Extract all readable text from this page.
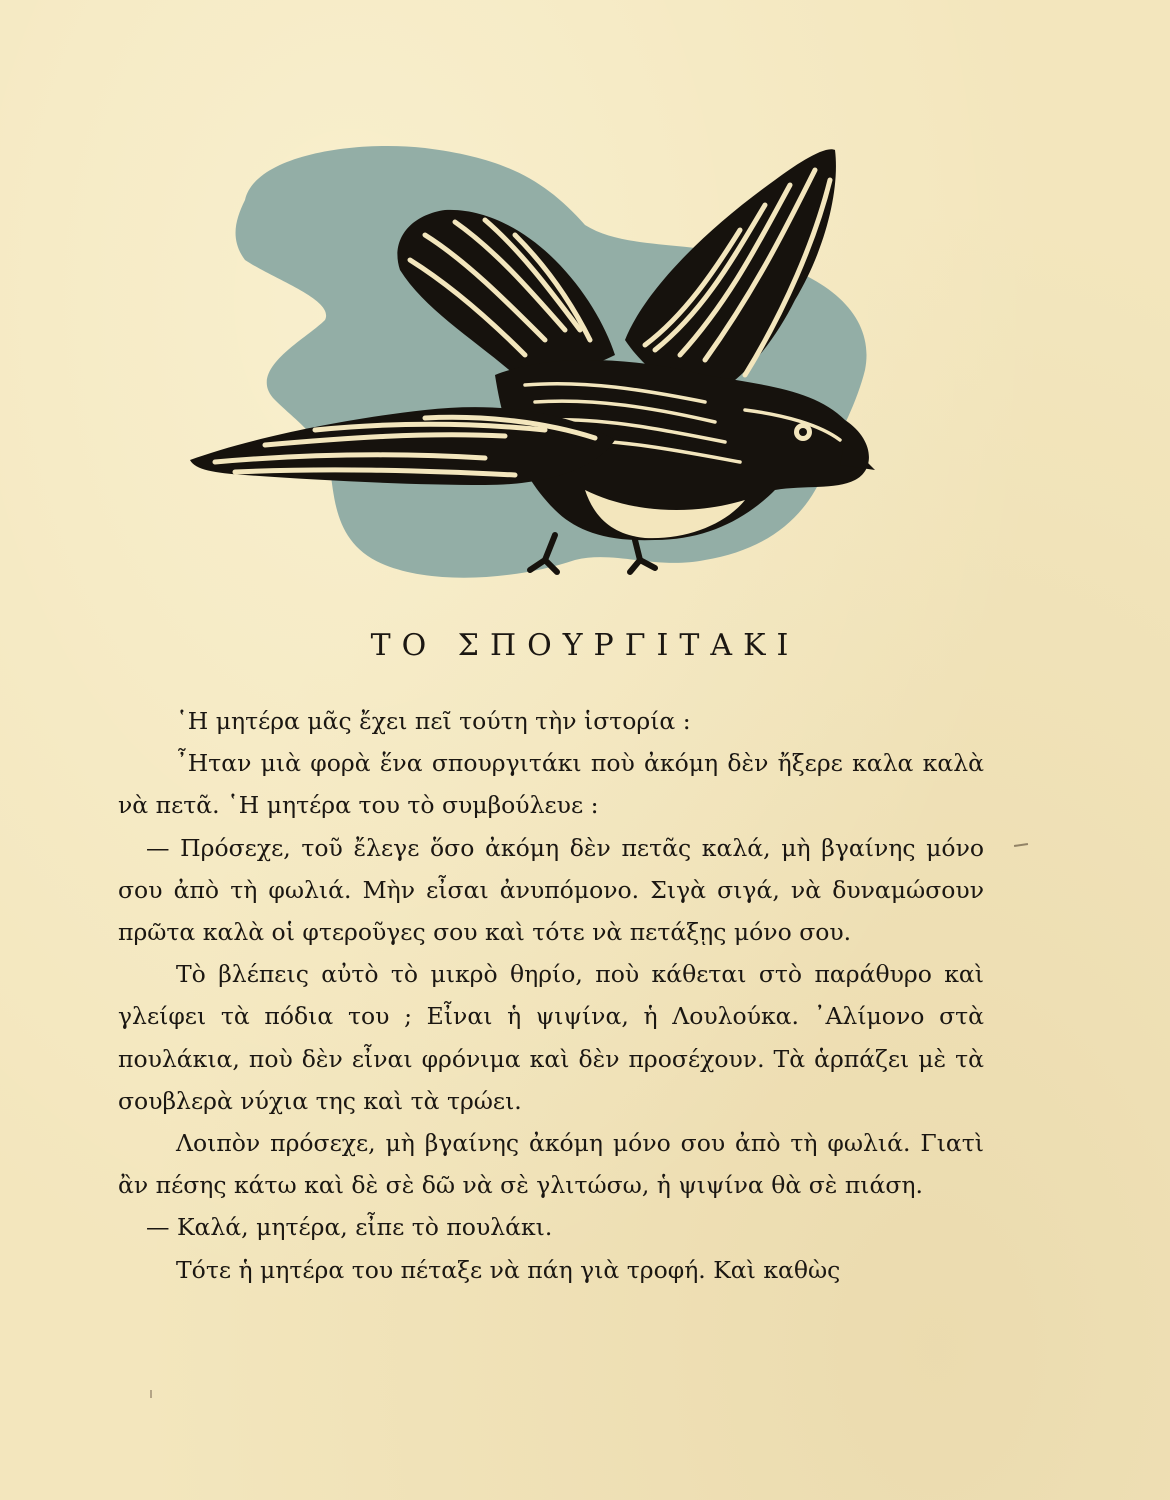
ΤΟ ΣΠΟΥΡΓΙΤΑΚΙ

῾Η μητέρα μᾶς ἔχει πεῖ τούτη τὴν ἱστορία :

῏Ηταν μιὰ φορὰ ἕνα σπουργιτάκι ποὺ ἀκόμη δὲν ἤξερε καλα καλὰ νὰ πετᾶ. ῾Η μητέρα του τὸ συμβούλευε :

— Πρόσεχε, τοῦ ἔλεγε ὅσο ἀκόμη δὲν πετᾶς καλά, μὴ βγαίνης μόνο σου ἀπὸ τὴ φωλιά. Μὴν εἶσαι ἀνυπόμονο. Σιγὰ σιγά, νὰ δυναμώσουν πρῶτα καλὰ οἱ φτεροῦγες σου καὶ τότε νὰ πετάξῃς μόνο σου.

Τὸ βλέπεις αὐτὸ τὸ μικρὸ θηρίο, ποὺ κάθεται στὸ παράθυρο καὶ γλείφει τὰ πόδια του ; Εἶναι ἡ ψιψίνα, ἡ Λουλούκα. ᾿Αλίμονο στὰ πουλάκια, ποὺ δὲν εἶναι φρόνιμα καὶ δὲν προσέχουν. Τὰ ἁρπάζει μὲ τὰ σουβλερὰ νύχια της καὶ τὰ τρώει.

Λοιπὸν πρόσεχε, μὴ βγαίνης ἀκόμη μόνο σου ἀπὸ τὴ φωλιά. Γιατὶ ἂν πέσης κάτω καὶ δὲ σὲ δῶ νὰ σὲ γλιτώσω, ἡ ψιψίνα θὰ σὲ πιάση.

— Καλά, μητέρα, εἶπε τὸ πουλάκι.

Τότε ἡ μητέρα του πέταξε νὰ πάη γιὰ τροφή. Καὶ καθὼς
